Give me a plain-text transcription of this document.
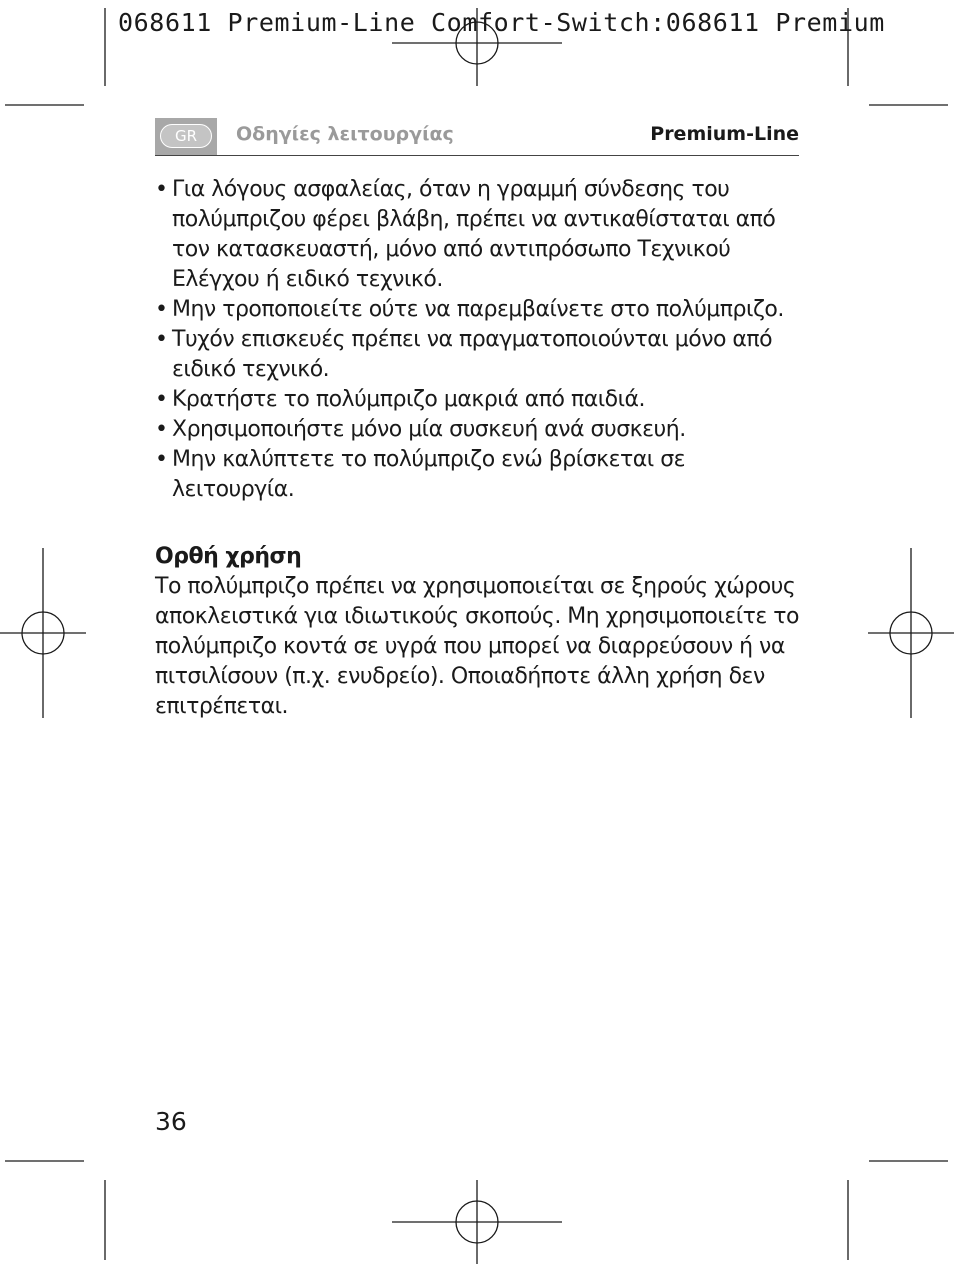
068611 Premium-Line Comfort-Switch:068611 Premium
GR	Οδηγίες λειτουργίας	Premium-Line
• Για λόγους ασφαλείας, όταν η γραμμή σύνδεσης του πολύμπριζου φέρει βλάβη, πρέπει να αντικαθίσταται από τον κατασκευαστή, μόνο από αντιπρόσωπο Τεχνικού Ελέγχου ή ειδικό τεχνικό.
• Μην τροποποιείτε ούτε να παρεμβαίνετε στο πολύμπριζο.
• Τυχόν επισκευές πρέπει να πραγματοποιούνται μόνο από ειδικό τεχνικό.
• Κρατήστε το πολύμπριζο μακριά από παιδιά.
• Χρησιμοποιήστε μόνο μία συσκευή ανά συσκευή.
• Μην καλύπτετε το πολύμπριζο ενώ βρίσκεται σε λειτουργία.
Ορθή χρήση

Το πολύμπριζο πρέπει να χρησιμοποιείται σε ξηρούς χώρους αποκλειστικά για ιδιωτικούς σκοπούς. Μη χρησιμοποιείτε το πολύμπριζο κοντά σε υγρά που μπορεί να διαρρεύσουν ή να πιτσιλίσουν (π.χ. ενυδρείο). Οποιαδήποτε άλλη χρήση δεν επιτρέπεται.

36
